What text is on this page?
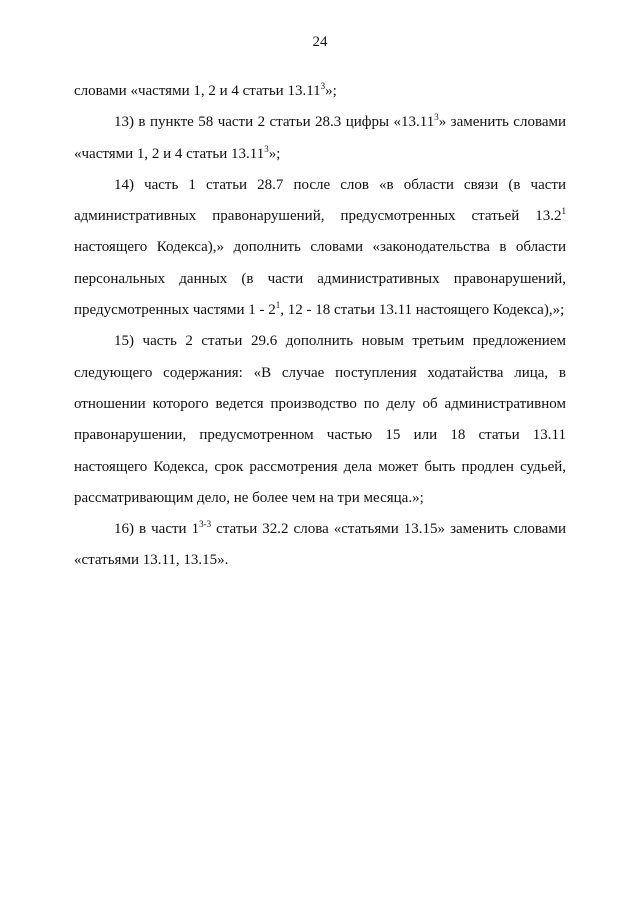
24

словами «частями 1, 2 и 4 статьи 13.11$^3$»;

13) в пункте 58 части 2 статьи 28.3 цифры «13.11$^3$» заменить словами «частями 1, 2 и 4 статьи 13.11$^3$»;

14) часть 1 статьи 28.7 после слов «в области связи (в части административных правонарушений, предусмотренных статьей 13.2$^1$ настоящего Кодекса),» дополнить словами «законодательства в области персональных данных (в части административных правонарушений, предусмотренных частями $1 - 2^1$, 12 - 18 статьи 13.11 настоящего Кодекса),»;

15) часть 2 статьи 29.6 дополнить новым третьим предложением следующего содержания: «В случае поступления ходатайства лица, в отношении которого ведется производство по делу об административном правонарушении, предусмотренном частью 15 или 18 статьи 13.11 настоящего Кодекса, срок рассмотрения дела может быть продлен судьей, рассматривающим дело, не более чем на три месяца.»;

16) в части 1$^{3-3}$ статьи 32.2 слова «статьями 13.15» заменить словами «статьями 13.11, 13.15».
